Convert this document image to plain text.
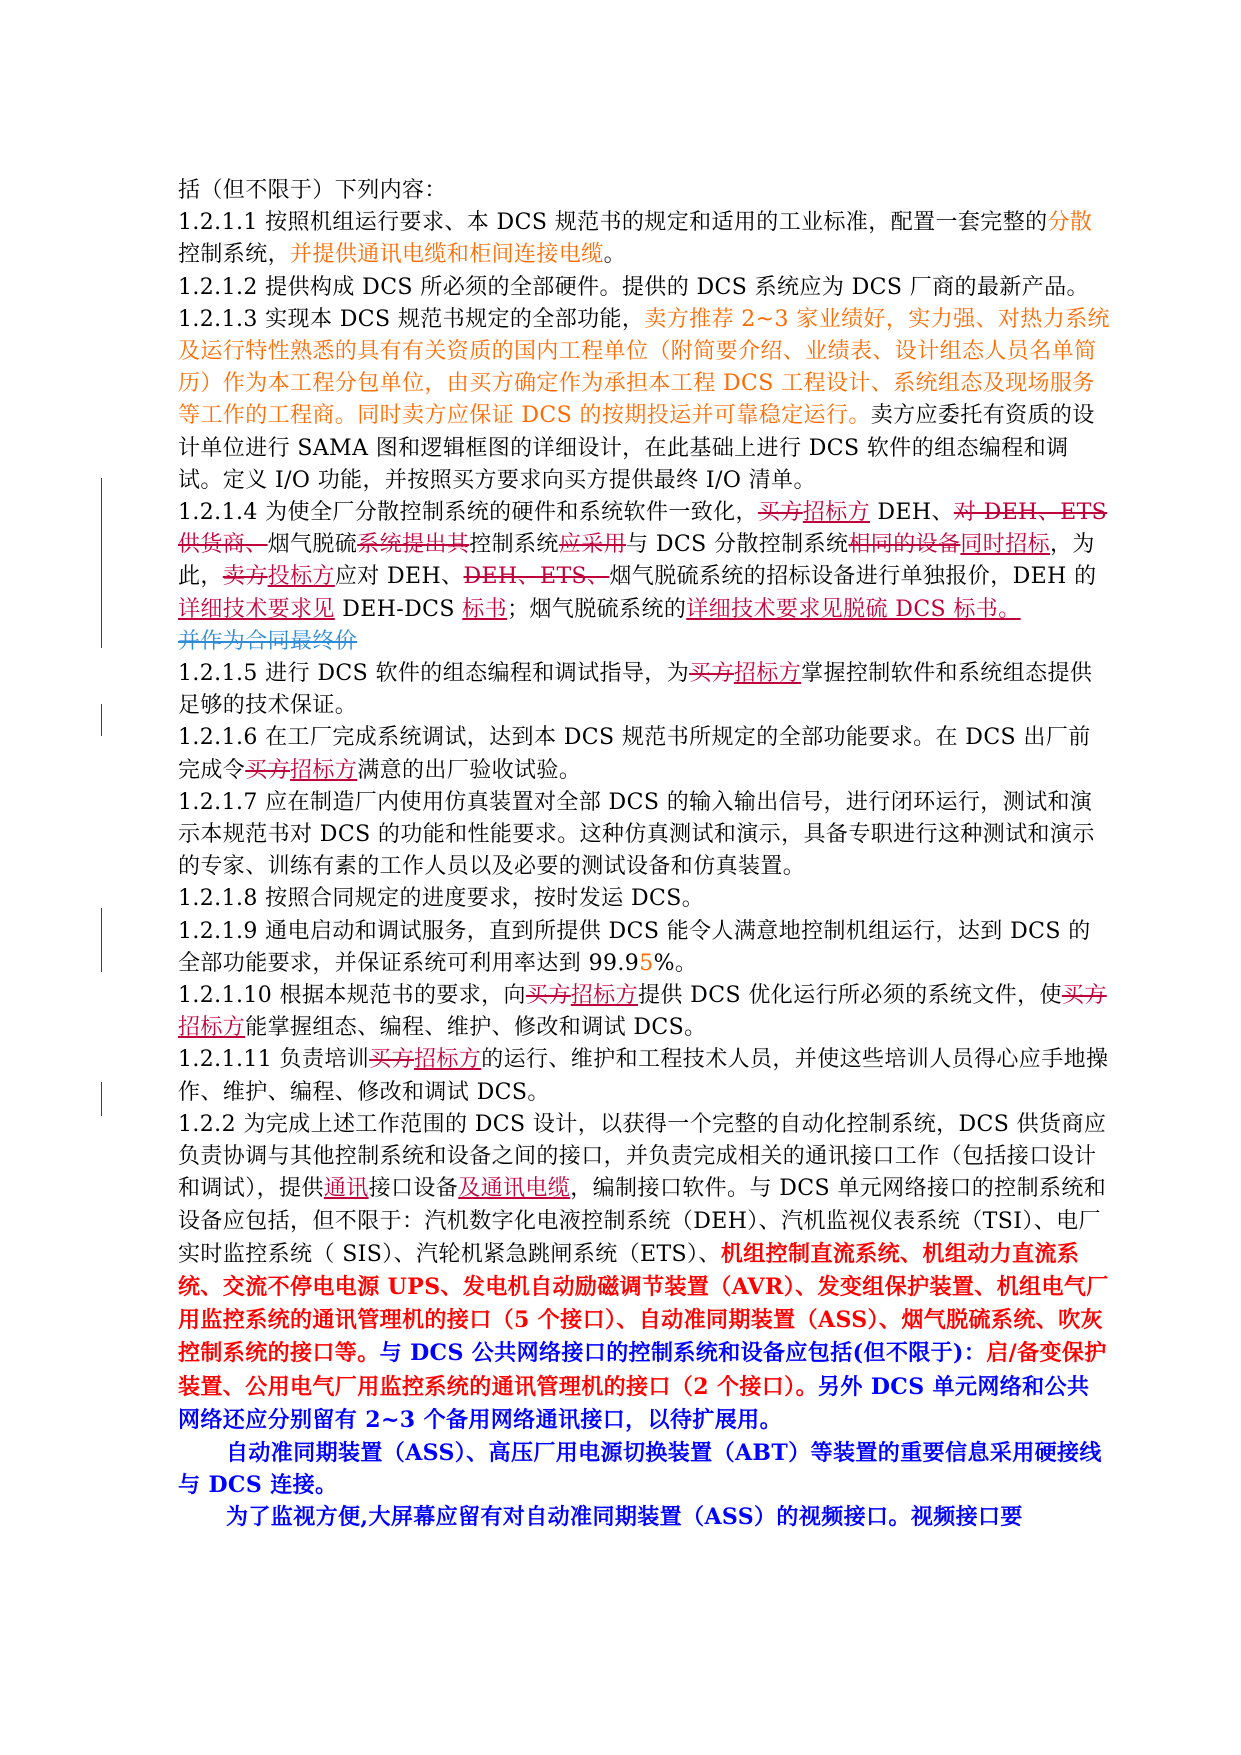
括（但不限于）下列内容：

1.2.1.1 按照机组运行要求、本 DCS 规范书的规定和适用的工业标准，配置一套完整的分散控制系统，并提供通讯电缆和柜间连接电缆。

1.2.1.2 提供构成 DCS 所必须的全部硬件。提供的 DCS 系统应为 DCS 厂商的最新产品。

1.2.1.3 实现本 DCS 规范书规定的全部功能，卖方推荐 2~3 家业绩好，实力强、对热力系统及运行特性熟悉的具有有关资质的国内工程单位（附简要介绍、业绩表、设计组态人员名单简历）作为本工程分包单位，由买方确定作为承担本工程 DCS 工程设计、系统组态及现场服务等工作的工程商。同时卖方应保证 DCS 的按期投运并可靠稳定运行。卖方应委托有资质的设计单位进行 SAMA 图和逻辑框图的详细设计，在此基础上进行 DCS 软件的组态编程和调试。定义 I/O 功能，并按照买方要求向买方提供最终 I/O 清单。

1.2.1.4 为使全厂分散控制系统的硬件和系统软件一致化，买方招标方 DEH、对 DEH、ETS 供货商、烟气脱硫系统提出其控制系统应采用与 DCS 分散控制系统相同的设备同时招标，为此，卖方投标方应对 DEH、DEH、ETS、烟气脱硫系统的招标设备进行单独报价，DEH 的详细技术要求见 DEH-DCS 标书；烟气脱硫系统的详细技术要求见脱硫 DCS 标书。
并作为合同最终价

1.2.1.5 进行 DCS 软件的组态编程和调试指导，为买方招标方掌握控制软件和系统组态提供足够的技术保证。

1.2.1.6 在工厂完成系统调试，达到本 DCS 规范书所规定的全部功能要求。在 DCS 出厂前完成令买方招标方满意的出厂验收试验。

1.2.1.7 应在制造厂内使用仿真装置对全部 DCS 的输入输出信号，进行闭环运行，测试和演示本规范书对 DCS 的功能和性能要求。这种仿真测试和演示，具备专职进行这种测试和演示的专家、训练有素的工作人员以及必要的测试设备和仿真装置。

1.2.1.8 按照合同规定的进度要求，按时发运 DCS。

1.2.1.9 通电启动和调试服务，直到所提供 DCS 能令人满意地控制机组运行，达到 DCS 的全部功能要求，并保证系统可利用率达到 99.95%。

1.2.1.10 根据本规范书的要求，向买方招标方提供 DCS 优化运行所必须的系统文件，使买方招标方能掌握组态、编程、维护、修改和调试 DCS。

1.2.1.11 负责培训买方招标方的运行、维护和工程技术人员，并使这些培训人员得心应手地操作、维护、编程、修改和调试 DCS。

1.2.2 为完成上述工作范围的 DCS 设计，以获得一个完整的自动化控制系统，DCS 供货商应负责协调与其他控制系统和设备之间的接口，并负责完成相关的通讯接口工作（包括接口设计和调试），提供通讯接口设备及通讯电缆，编制接口软件。与 DCS 单元网络接口的控制系统和设备应包括，但不限于：汽机数字化电液控制系统（DEH）、汽机监视仪表系统（TSI）、电厂实时监控系统（ SIS）、汽轮机紧急跳闸系统（ETS）、机组控制直流系统、机组动力直流系统、交流不停电电源 UPS、发电机自动励磁调节装置（AVR）、发变组保护装置、机组电气厂用监控系统的通讯管理机的接口（5 个接口）、自动准同期装置（ASS）、烟气脱硫系统、吹灰控制系统的接口等。与 DCS 公共网络接口的控制系统和设备应包括(但不限于)：启/备变保护装置、公用电气厂用监控系统的通讯管理机的接口（2 个接口）。另外 DCS 单元网络和公共网络还应分别留有 2~3 个备用网络通讯接口，以待扩展用。

自动准同期装置（ASS）、高压厂用电源切换装置（ABT）等装置的重要信息采用硬接线与 DCS 连接。

为了监视方便,大屏幕应留有对自动准同期装置（ASS）的视频接口。视频接口要
